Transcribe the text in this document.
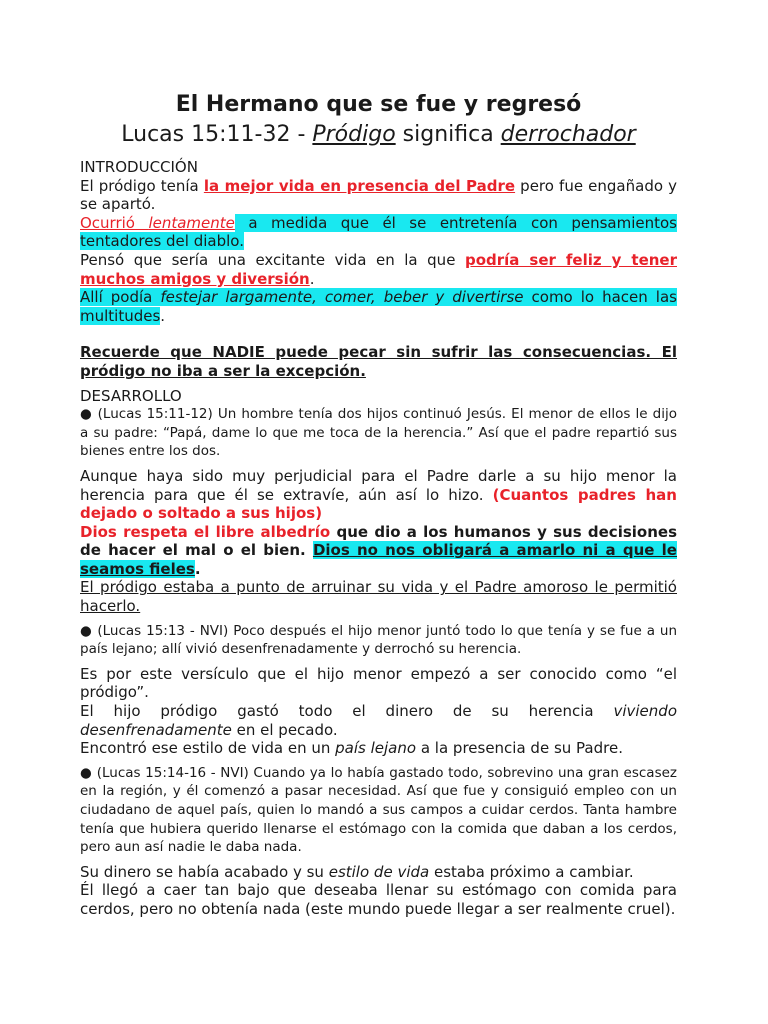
El Hermano que se fue y regresó
Lucas 15:11-32 - Pródigo significa derrochador

INTRODUCCIÓN

El pródigo tenía la mejor vida en presencia del Padre pero fue engañado y se apartó.

Ocurrió lentamente a medida que él se entretenía con pensamientos tentadores del diablo.

Pensó que sería una excitante vida en la que podría ser feliz y tener muchos amigos y diversión.

Allí podía festejar largamente, comer, beber y divertirse como lo hacen las multitudes.

Recuerde que NADIE puede pecar sin sufrir las consecuencias. El pródigo no iba a ser la excepción.

DESARROLLO

● (Lucas 15:11-12) Un hombre tenía dos hijos continuó Jesús. El menor de ellos le dijo a su padre: “Papá, dame lo que me toca de la herencia.” Así que el padre repartió sus bienes entre los dos.

Aunque haya sido muy perjudicial para el Padre darle a su hijo menor la herencia para que él se extravíe, aún así lo hizo. (Cuantos padres han dejado o soltado a sus hijos)

Dios respeta el libre albedrío que dio a los humanos y sus decisiones de hacer el mal o el bien. Dios no nos obligará a amarlo ni a que le seamos fieles.

El pródigo estaba a punto de arruinar su vida y el Padre amoroso le permitió hacerlo.

● (Lucas 15:13 - NVI) Poco después el hijo menor juntó todo lo que tenía y se fue a un país lejano; allí vivió desenfrenadamente y derrochó su herencia.

Es por este versículo que el hijo menor empezó a ser conocido como “el pródigo”.

El hijo pródigo gastó todo el dinero de su herencia viviendo desenfrenadamente en el pecado.

Encontró ese estilo de vida en un país lejano a la presencia de su Padre.

● (Lucas 15:14-16 - NVI) Cuando ya lo había gastado todo, sobrevino una gran escasez en la región, y él comenzó a pasar necesidad. Así que fue y consiguió empleo con un ciudadano de aquel país, quien lo mandó a sus campos a cuidar cerdos. Tanta hambre tenía que hubiera querido llenarse el estómago con la comida que daban a los cerdos, pero aun así nadie le daba nada.

Su dinero se había acabado y su estilo de vida estaba próximo a cambiar.

Él llegó a caer tan bajo que deseaba llenar su estómago con comida para cerdos, pero no obtenía nada (este mundo puede llegar a ser realmente cruel).
